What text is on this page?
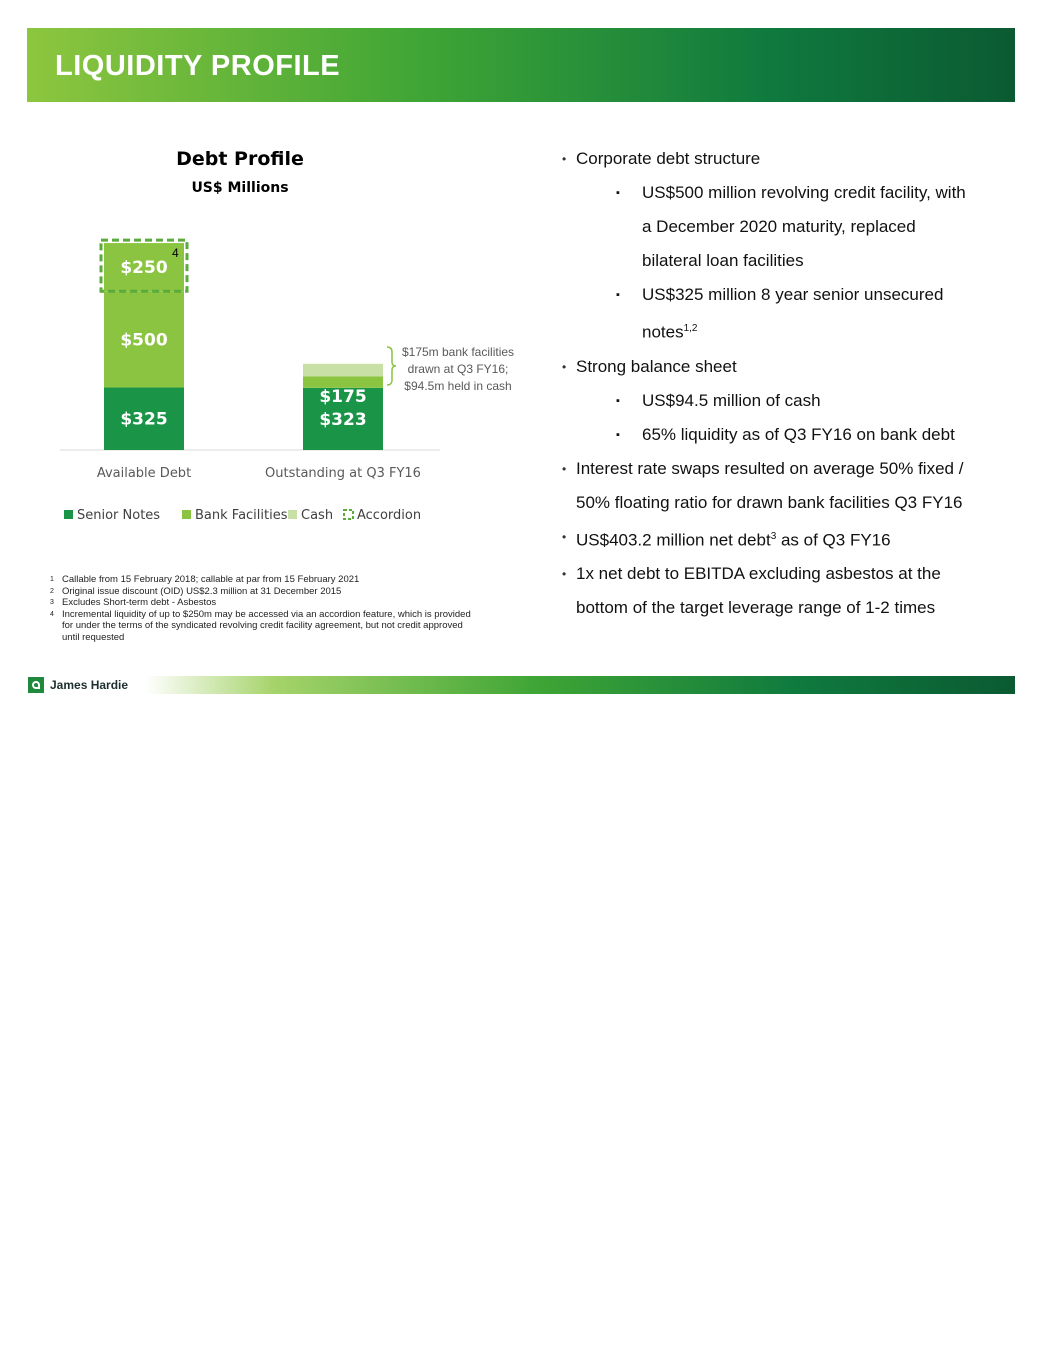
LIQUIDITY PROFILE
Debt Profile
US$ Millions
$325
$500
4
$250
Available Debt
$323
$175
Outstanding at Q3 FY16
$175m bank facilities
drawn at Q3 FY16;
$94.5m held in cash
Senior Notes	Bank Facilities Cash Accordion
1 Callable from 15 February 2018; callable at par from 15 February 2021
2 Original issue discount (OID) US$2.3 million at 31 December 2015
3 Excludes Short-term debt - Asbestos
4 Incremental liquidity of up to $250m may be accessed via an accordion feature, which is provided for under the terms of the syndicated revolving credit facility agreement, but not credit approved until requested
• Corporate debt structure
▪ US$500 million revolving credit facility, with
a December 2020 maturity, replaced
bilateral loan facilities
▪ US$325 million 8 year senior unsecured
notes$^{1,2}$
• Strong balance sheet
▪ US$94.5 million of cash
▪ 65% liquidity as of Q3 FY16 on bank debt
• Interest rate swaps resulted on average 50% fixed /
50% floating ratio for drawn bank facilities Q3 FY16
• US$403.2 million net debt$^3$ as of Q3 FY16
• 1x net debt to EBITDA excluding asbestos at the
bottom of the target leverage range of 1-2 times
James Hardie
PAGE 22
